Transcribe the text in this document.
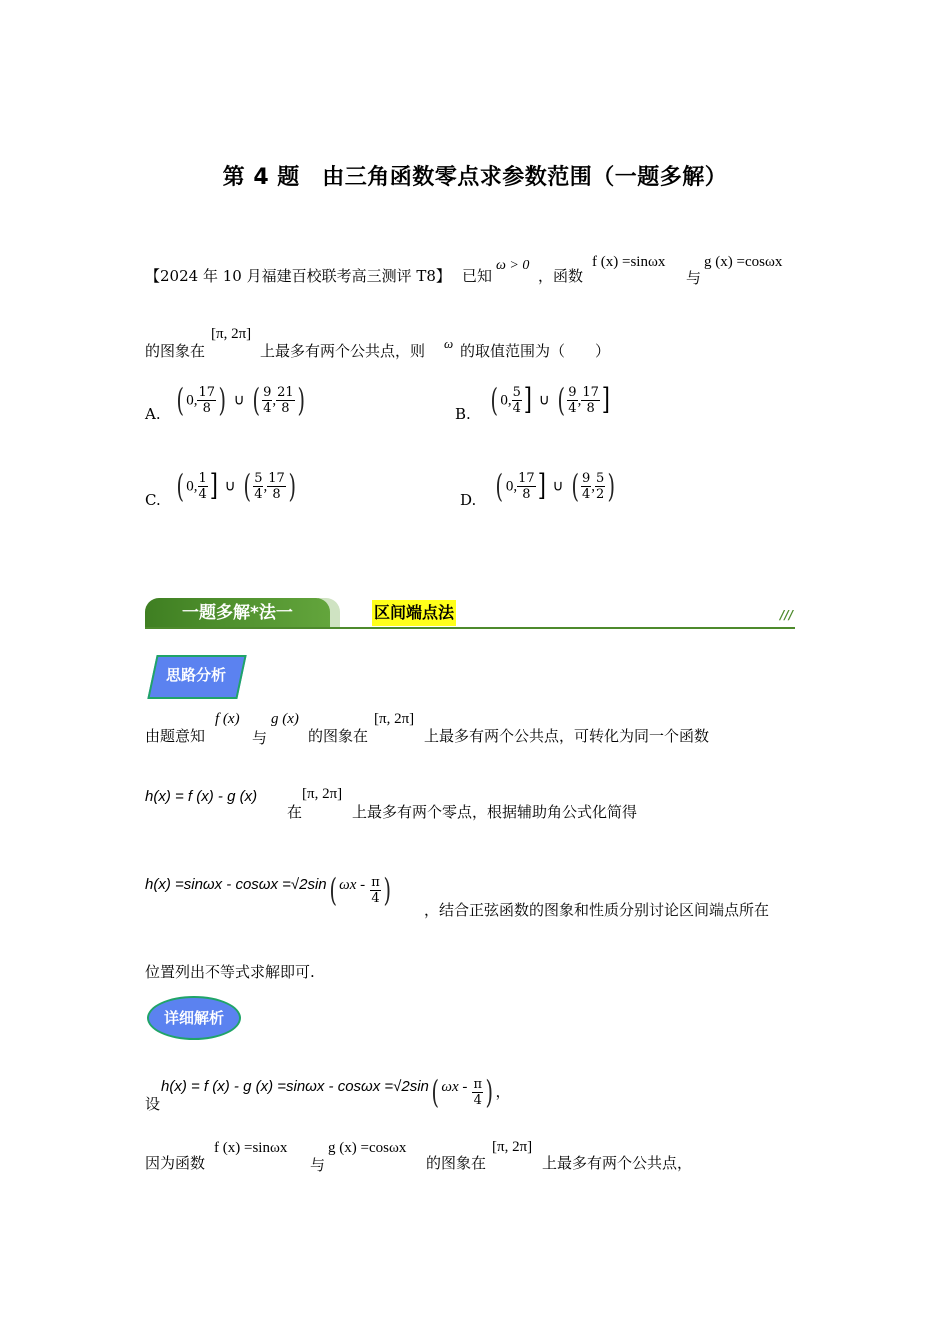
第 4 题　由三角函数零点求参数范围（一题多解）
【2024 年 10 月福建百校联考高三测评 T8】 已知
ω > 0
，函数
f (x) =sinωx
与
g (x) =cosωx
的图象在
[π, 2π]
上最多有两个公共点，则 ω 的取值范围为（　　）
A. ( 0, $\frac{17}{8}$ ) ∪ ( $\frac{9}{4}$ , $\frac{21}{8}$ )	B. ( 0, $\frac{5}{4}$ ] ∪ ( $\frac{9}{4}$ , $\frac{17}{8}$ ]
C. ( 0, $\frac{1}{4}$ ] ∪ ( $\frac{5}{4}$ , $\frac{17}{8}$ )	D. ( 0, $\frac{17}{8}$ ] ∪ ( $\frac{9}{4}$ , $\frac{5}{2}$ )
一题多解*法一	区间端点法	///
思路分析
由题意知
f (x)
与
g (x)
的图象在
[π, 2π]
上最多有两个公共点，可转化为同一个函数
h(x) = f (x) - g (x)
在
[π, 2π]
上最多有两个零点，根据辅助角公式化简得
h(x) =sinωx - cosωx =√2sin( ωx - $\frac{\pi}{4}$ )
，结合正弦函数的图象和性质分别讨论区间端点所在
位置列出不等式求解即可.
详细解析
设
h(x) = f (x) - g (x) =sinωx - cosωx =√2sin( ωx - $\frac{\pi}{4}$ ) ，
因为函数
f (x) =sinωx
与
g (x) =cosωx
的图象在
[π, 2π]
上最多有两个公共点，
